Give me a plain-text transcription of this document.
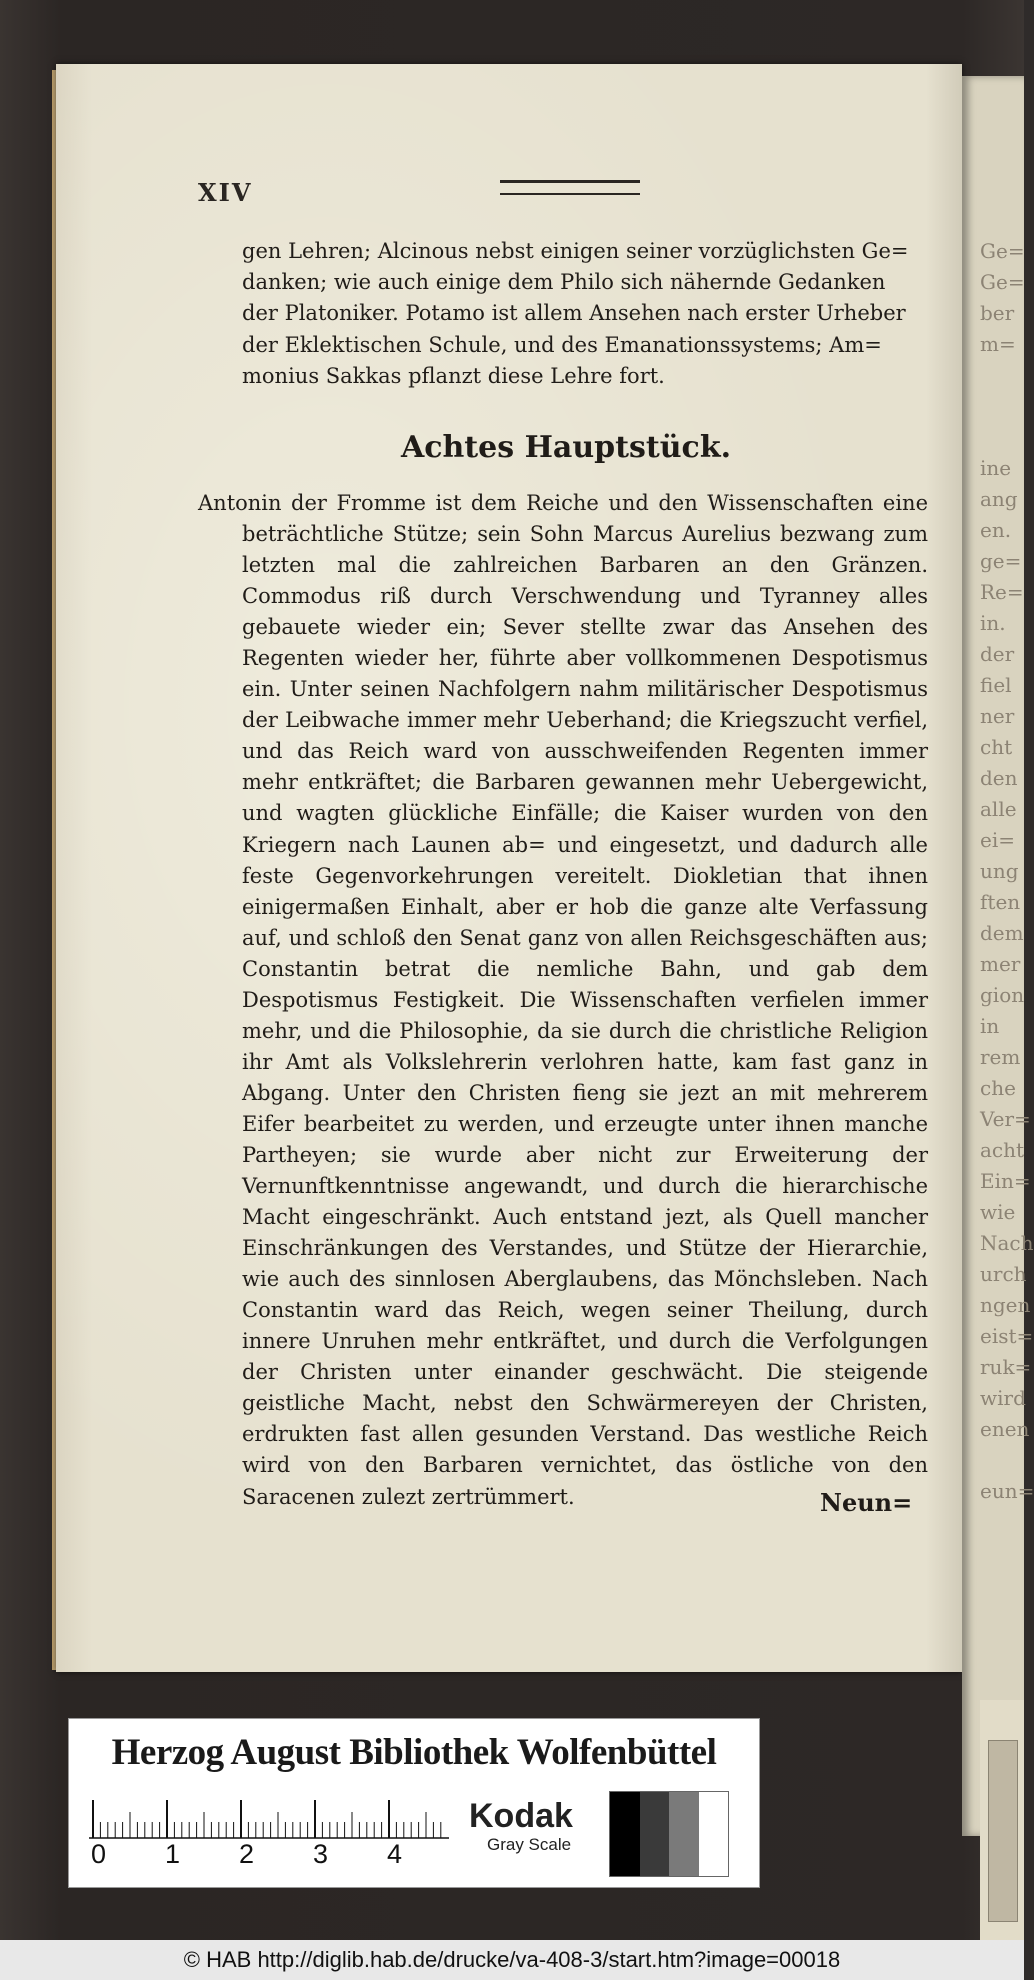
Ge=
Ge=
ber
m=

ine
ang
en.
ge=
Re=
in.
der
fiel
ner
cht
den
alle
ei=
ung
ften
dem
mer
gion
in
rem
che
Ver=
acht
Ein=
wie
Nach
urch
ngen
eist=
ruk=
wird
enen

eun=
XIV

gen Lehren; Alcinous nebst einigen seiner vorzüglichsten Ge=

danken; wie auch einige dem Philo sich nähernde Gedanken

der Platoniker. Potamo ist allem Ansehen nach erster Urheber

der Eklektischen Schule, und des Emanationssystems; Am=

monius Sakkas pflanzt diese Lehre fort.

Achtes Hauptstück.

Antonin der Fromme ist dem Reiche und den Wissenschaften eine beträchtliche Stütze; sein Sohn Marcus Aurelius bezwang zum letzten mal die zahlreichen Barbaren an den Gränzen. Commodus riß durch Verschwendung und Tyranney alles gebauete wieder ein; Sever stellte zwar das Ansehen des Regenten wieder her, führte aber vollkommenen Despotismus ein. Unter seinen Nachfolgern nahm militärischer Despotismus der Leibwache immer mehr Ueberhand; die Kriegszucht verfiel, und das Reich ward von ausschweifenden Regenten immer mehr entkräftet; die Barbaren gewannen mehr Uebergewicht, und wagten glückliche Einfälle; die Kaiser wurden von den Kriegern nach Launen ab= und eingesetzt, und dadurch alle feste Gegenvorkehrungen vereitelt. Diokletian that ihnen einigermaßen Einhalt, aber er hob die ganze alte Verfassung auf, und schloß den Senat ganz von allen Reichsgeschäften aus; Constantin betrat die nemliche Bahn, und gab dem Despotismus Festigkeit. Die Wissenschaften verfielen immer mehr, und die Philosophie, da sie durch die christliche Religion ihr Amt als Volkslehrerin verlohren hatte, kam fast ganz in Abgang. Unter den Christen fieng sie jezt an mit mehrerem Eifer bearbeitet zu werden, und erzeugte unter ihnen manche Partheyen; sie wurde aber nicht zur Erweiterung der Vernunftkenntnisse angewandt, und durch die hierarchische Macht eingeschränkt. Auch entstand jezt, als Quell mancher Einschränkungen des Verstandes, und Stütze der Hierarchie, wie auch des sinnlosen Aberglaubens, das Mönchsleben. Nach Constantin ward das Reich, wegen seiner Theilung, durch innere Unruhen mehr entkräftet, und durch die Verfolgungen der Christen unter einander geschwächt. Die steigende geistliche Macht, nebst den Schwärmereyen der Christen, erdrukten fast allen gesunden Verstand. Das westliche Reich wird von den Barbaren vernichtet, das östliche von den Saracenen zulezt zertrümmert.	Neun=
Herzog August Bibliothek Wolfenbüttel
0 1 2 3 4
Kodak
Gray Scale
© HAB http://diglib.hab.de/drucke/va-408-3/start.htm?image=00018
